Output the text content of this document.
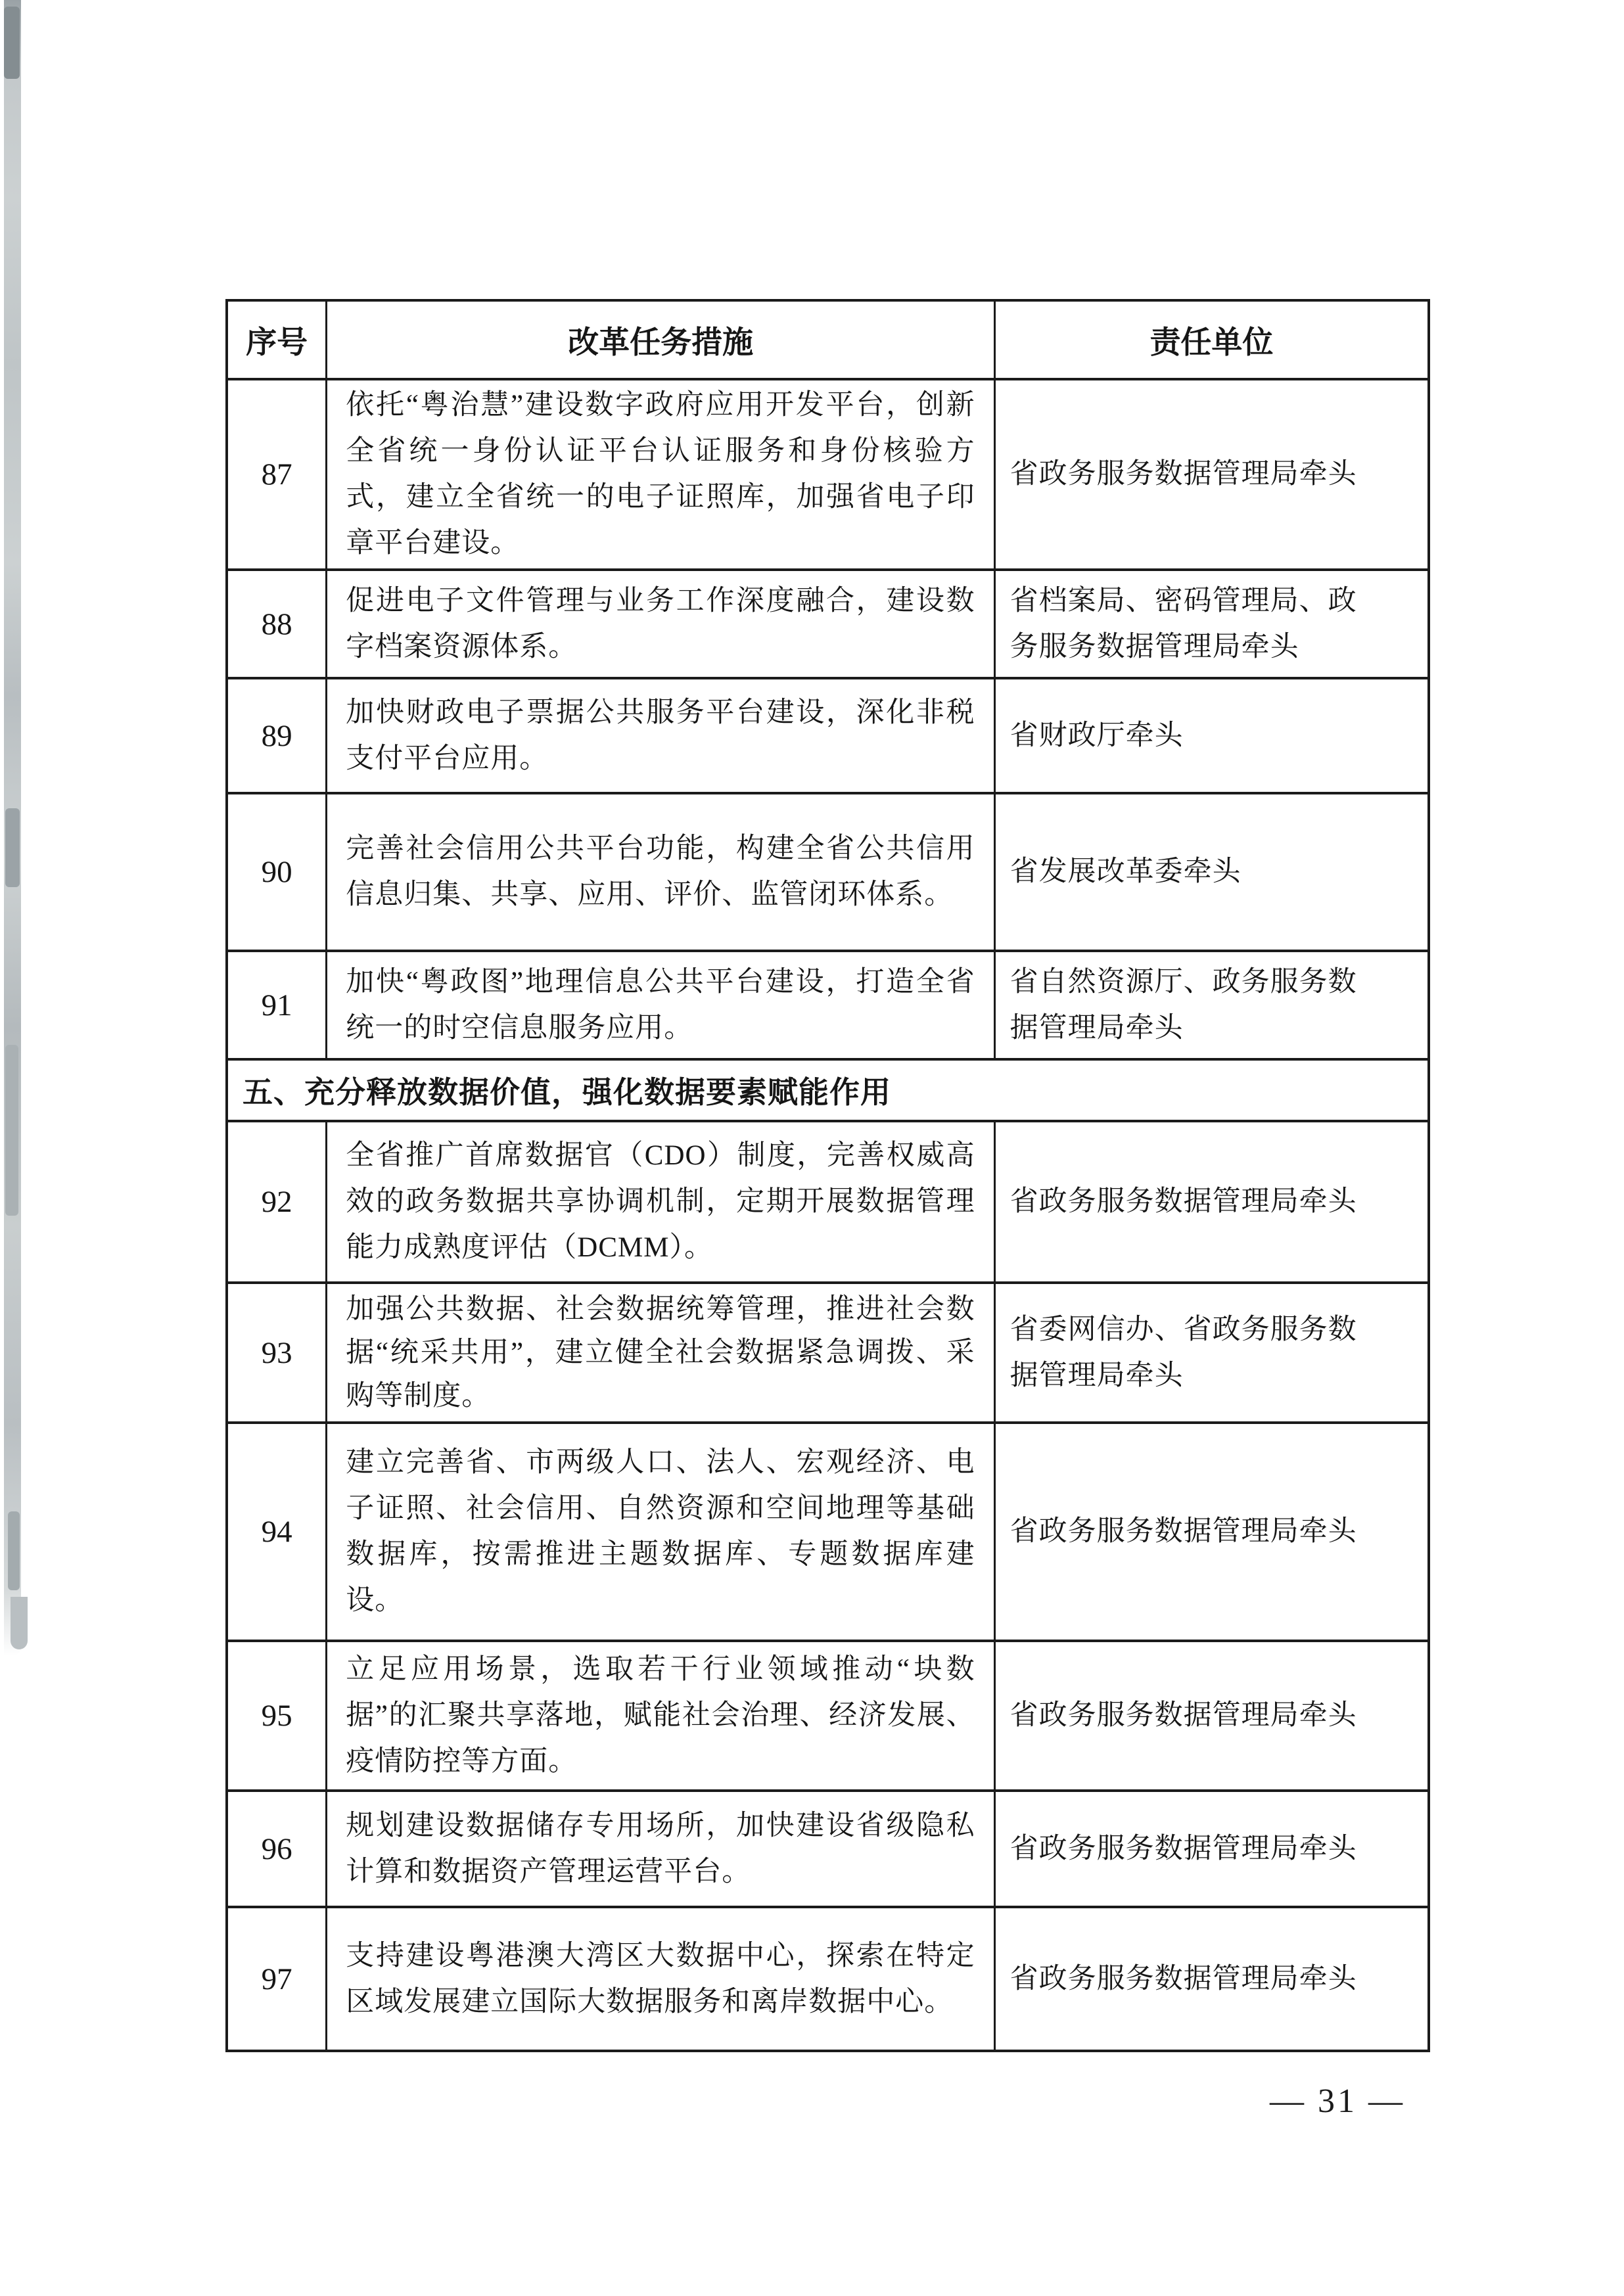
序号	改革任务措施	责任单位
87
依托“粤治慧”建设数字政府应用开发平台，创新全省统一身份认证平台认证服务和身份核验方式，建立全省统一的电子证照库，加强省电子印章平台建设。
省政务服务数据管理局牵头
88
促进电子文件管理与业务工作深度融合，建设数字档案资源体系。
省档案局、密码管理局、政务服务数据管理局牵头
89
加快财政电子票据公共服务平台建设，深化非税支付平台应用。
省财政厅牵头
90
完善社会信用公共平台功能，构建全省公共信用信息归集、共享、应用、评价、监管闭环体系。
省发展改革委牵头
91
加快“粤政图”地理信息公共平台建设，打造全省统一的时空信息服务应用。
省自然资源厅、政务服务数据管理局牵头
五、充分释放数据价值，强化数据要素赋能作用
92
全省推广首席数据官（CDO）制度，完善权威高效的政务数据共享协调机制，定期开展数据管理能力成熟度评估（DCMM）。
省政务服务数据管理局牵头
93
加强公共数据、社会数据统筹管理，推进社会数据“统采共用”，建立健全社会数据紧急调拨、采购等制度。
省委网信办、省政务服务数据管理局牵头
94
建立完善省、市两级人口、法人、宏观经济、电子证照、社会信用、自然资源和空间地理等基础数据库，按需推进主题数据库、专题数据库建设。
省政务服务数据管理局牵头
95
立足应用场景，选取若干行业领域推动“块数据”的汇聚共享落地，赋能社会治理、经济发展、疫情防控等方面。
省政务服务数据管理局牵头
96
规划建设数据储存专用场所，加快建设省级隐私计算和数据资产管理运营平台。
省政务服务数据管理局牵头
97
支持建设粤港澳大湾区大数据中心，探索在特定区域发展建立国际大数据服务和离岸数据中心。
省政务服务数据管理局牵头
— 31 —
